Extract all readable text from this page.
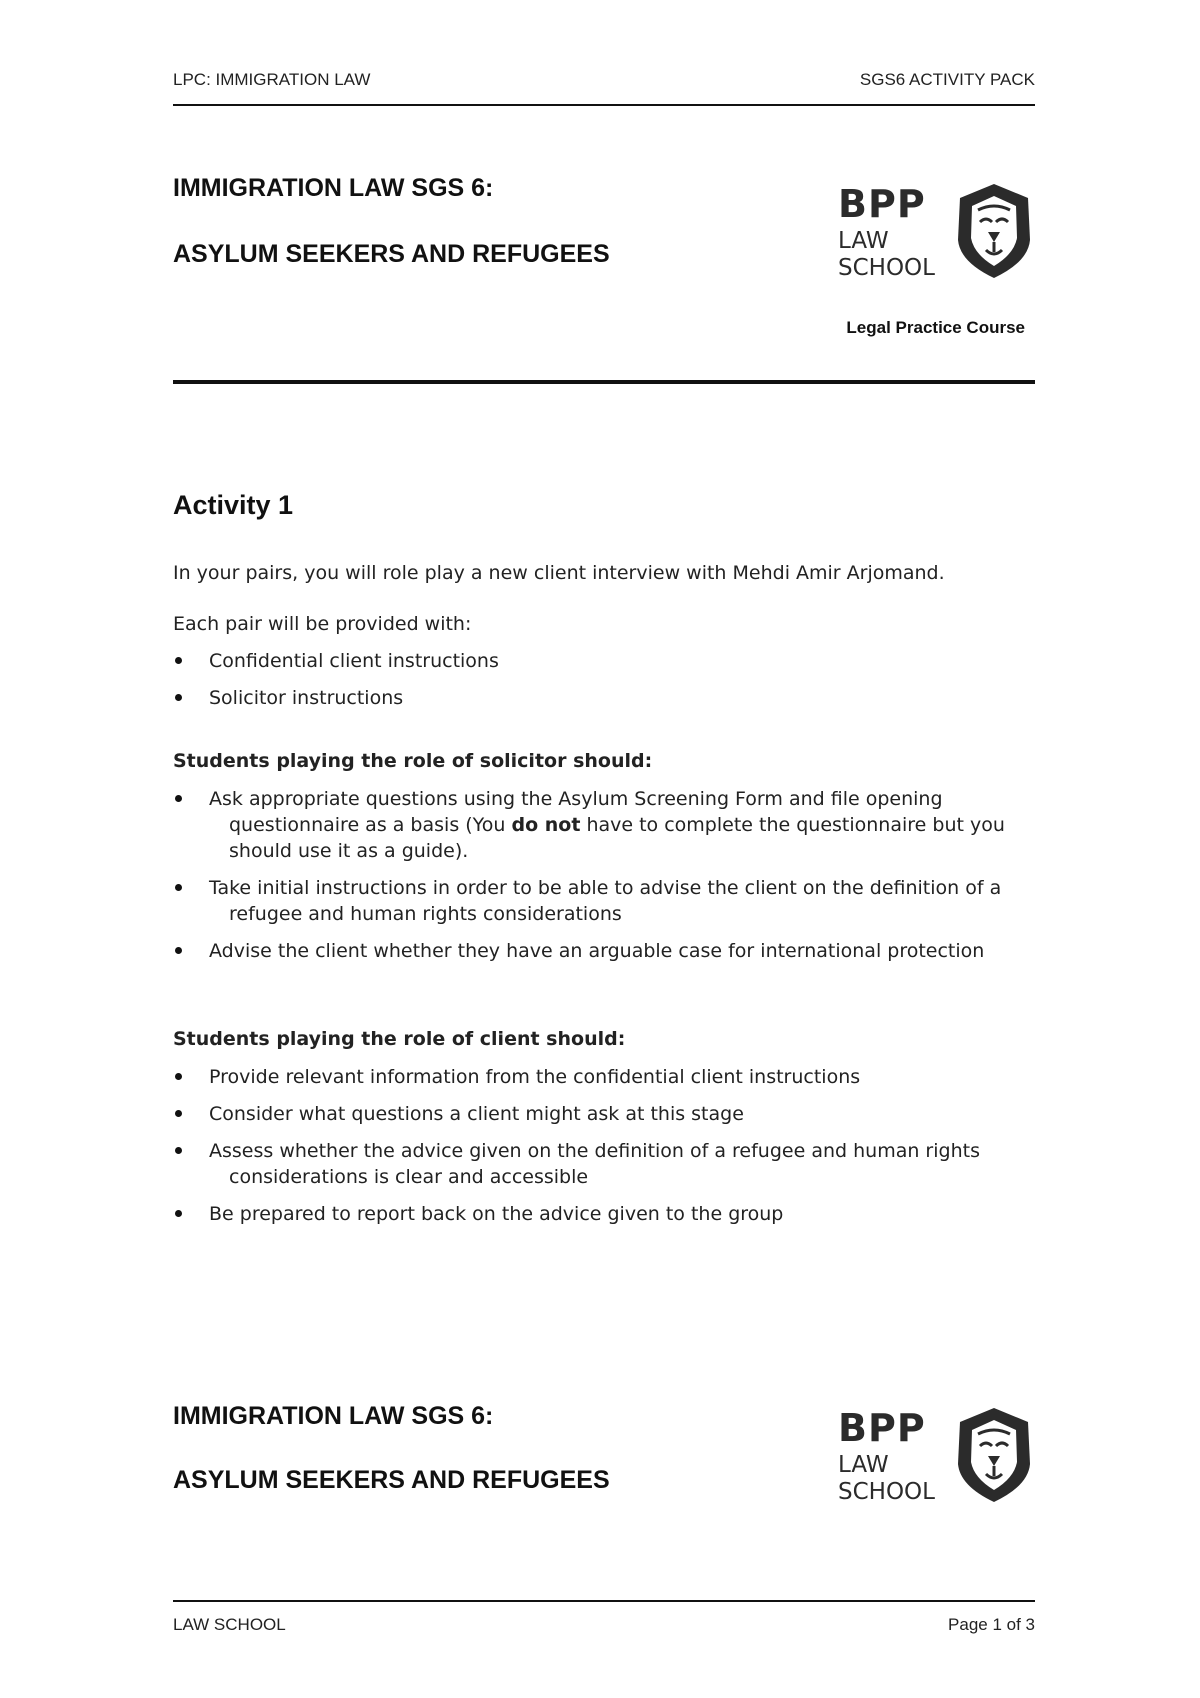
LPC: IMMIGRATION LAW	SGS6 ACTIVITY PACK
IMMIGRATION LAW SGS 6:
ASYLUM SEEKERS AND REFUGEES
BPP
LAW
SCHOOL
Legal Practice Course
Activity 1
In your pairs, you will role play a new client interview with Mehdi Amir Arjomand.
Each pair will be provided with:
Confidential client instructions
Solicitor instructions
Students playing the role of solicitor should:
Ask appropriate questions using the Asylum Screening Form and file opening
questionnaire as a basis (You do not have to complete the questionnaire but you
should use it as a guide).
Take initial instructions in order to be able to advise the client on the definition of a
refugee and human rights considerations
Advise the client whether they have an arguable case for international protection
Students playing the role of client should:
Provide relevant information from the confidential client instructions
Consider what questions a client might ask at this stage
Assess whether the advice given on the definition of a refugee and human rights
considerations is clear and accessible
Be prepared to report back on the advice given to the group
IMMIGRATION LAW SGS 6:
ASYLUM SEEKERS AND REFUGEES
BPP
LAW
SCHOOL
LAW SCHOOL	Page 1 of 3
